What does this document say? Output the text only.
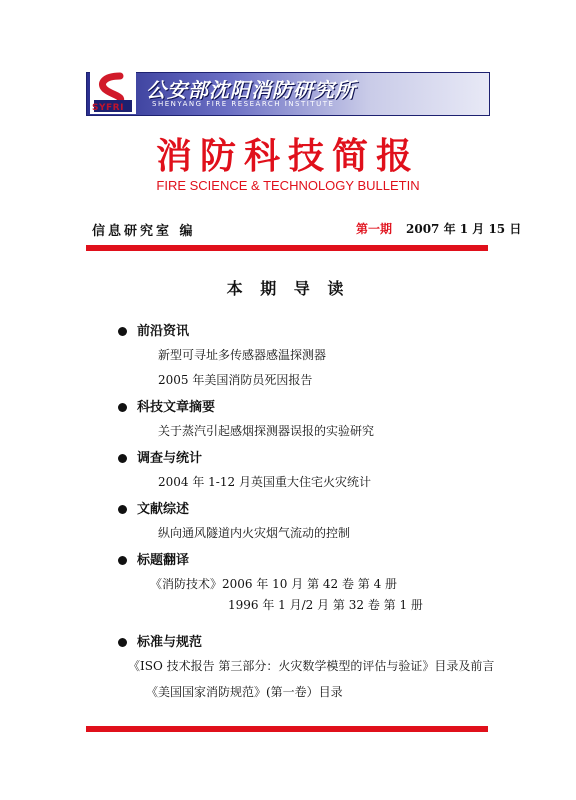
SYFRI
公安部沈阳消防研究所
SHENYANG FIRE RESEARCH INSTITUTE
消防科技简报
FIRE SCIENCE & TECHNOLOGY BULLETIN
信息研究室 编	第一期 2007 年 1 月 15 日
本 期 导 读
前沿资讯
新型可寻址多传感器感温探测器
2005 年美国消防员死因报告
科技文章摘要
关于蒸汽引起感烟探测器误报的实验研究
调查与统计
2004 年 1-12 月英国重大住宅火灾统计
文献综述
纵向通风隧道内火灾烟气流动的控制
标题翻译
《消防技术》2006 年 10 月 第 42 卷 第 4 册
1996 年 1 月/2 月 第 32 卷 第 1 册
标准与规范
《ISO 技术报告 第三部分：火灾数学模型的评估与验证》目录及前言
《美国国家消防规范》(第一卷）目录
